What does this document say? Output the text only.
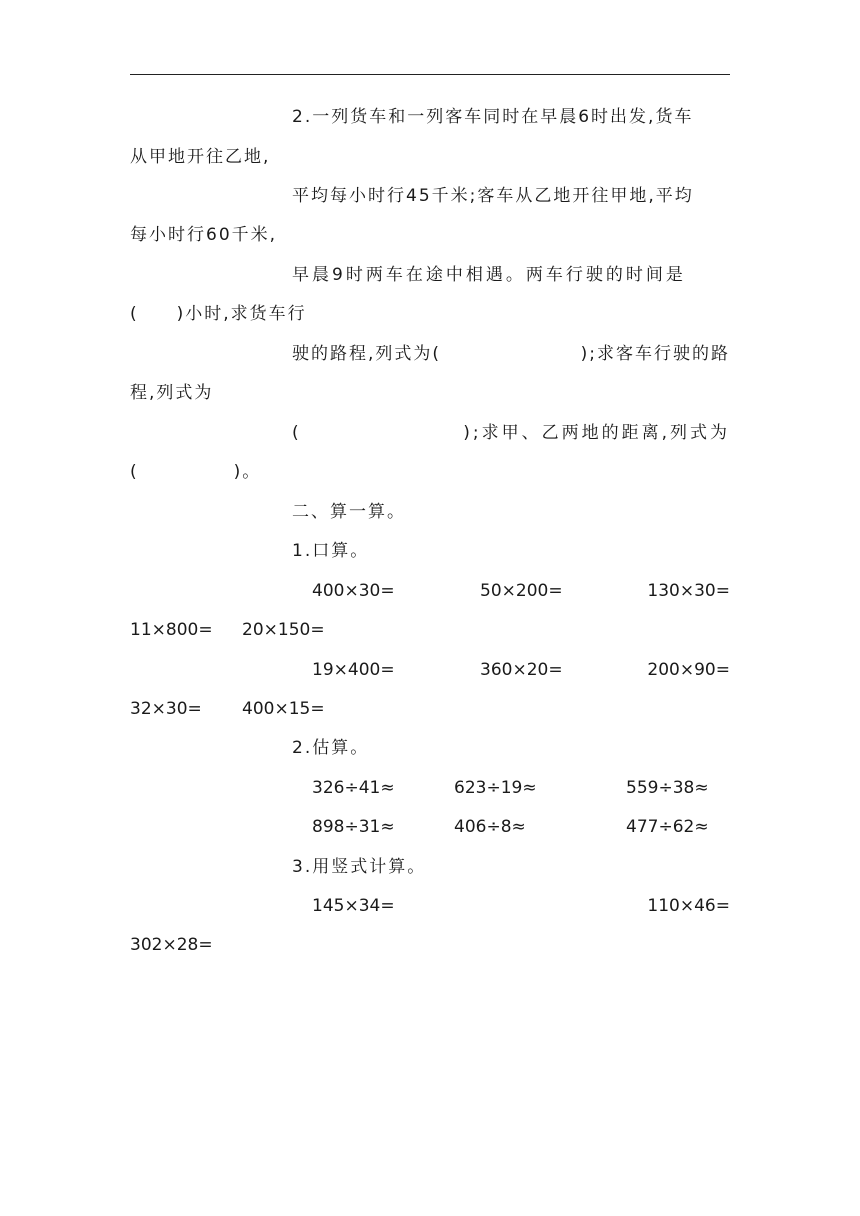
2.一列货车和一列客车同时在早晨6时出发,货车
从甲地开往乙地,
平均每小时行45千米;客车从乙地开往甲地,平均
每小时行60千米,
早晨9时两车在途中相遇。两车行驶的时间是
(　　)小时,求货车行
驶的路程,列式为(	);求客车行驶的路
程,列式为
(	);求甲、乙两地的距离,列式为
(　　　　　)。
二、算一算。
1.口算。
400×30=	50×200=	130×30=
11×800= 20×150=
19×400=	360×20=	200×90=
32×30= 400×15=
2.估算。
326÷41≈	623÷19≈	559÷38≈
898÷31≈	406÷8≈	477÷62≈
3.用竖式计算。
145×34=	110×46=
302×28=
